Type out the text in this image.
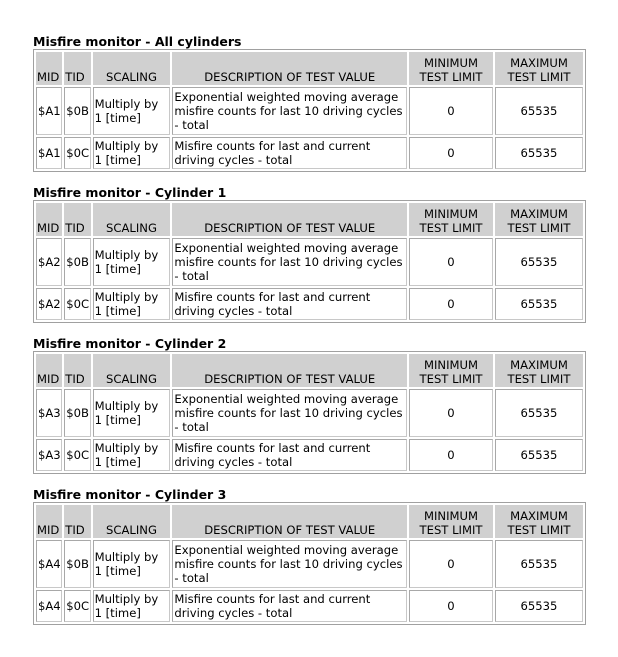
Misfire monitor - All cylinders
MID	TID	SCALING	DESCRIPTION OF TEST VALUE	MINIMUM TEST LIMIT	MAXIMUM TEST LIMIT
$A1	$0B	Multiply by 1 [time]	Exponential weighted moving average misfire counts for last 10 driving cycles - total	0	65535
$A1	$0C	Multiply by 1 [time]	Misfire counts for last and current driving cycles - total	0	65535
Misfire monitor - Cylinder 1
MID	TID	SCALING	DESCRIPTION OF TEST VALUE	MINIMUM TEST LIMIT	MAXIMUM TEST LIMIT
$A2	$0B	Multiply by 1 [time]	Exponential weighted moving average misfire counts for last 10 driving cycles - total	0	65535
$A2	$0C	Multiply by 1 [time]	Misfire counts for last and current driving cycles - total	0	65535
Misfire monitor - Cylinder 2
MID	TID	SCALING	DESCRIPTION OF TEST VALUE	MINIMUM TEST LIMIT	MAXIMUM TEST LIMIT
$A3	$0B	Multiply by 1 [time]	Exponential weighted moving average misfire counts for last 10 driving cycles - total	0	65535
$A3	$0C	Multiply by 1 [time]	Misfire counts for last and current driving cycles - total	0	65535
Misfire monitor - Cylinder 3
MID	TID	SCALING	DESCRIPTION OF TEST VALUE	MINIMUM TEST LIMIT	MAXIMUM TEST LIMIT
$A4	$0B	Multiply by 1 [time]	Exponential weighted moving average misfire counts for last 10 driving cycles - total	0	65535
$A4	$0C	Multiply by 1 [time]	Misfire counts for last and current driving cycles - total	0	65535
